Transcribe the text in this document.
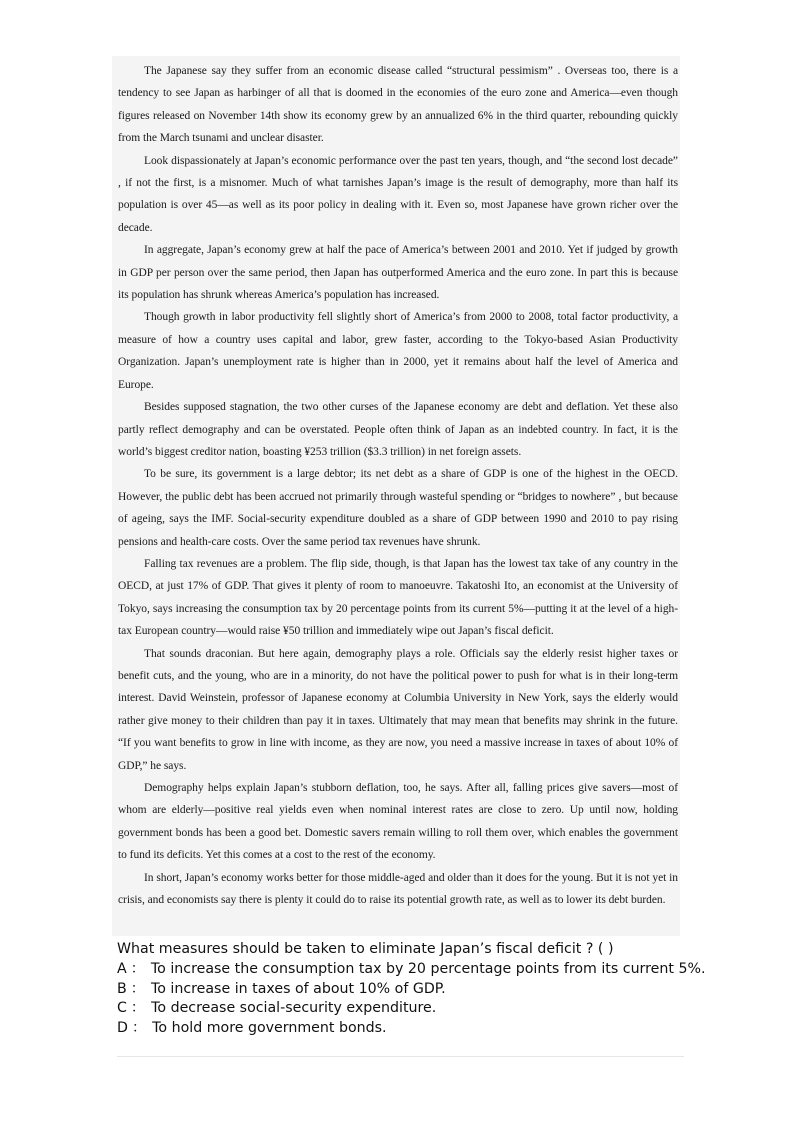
The Japanese say they suffer from an economic disease called “structural pessimism” . Overseas too, there is a tendency to see Japan as harbinger of all that is doomed in the economies of the euro zone and America—even though figures released on November 14th show its economy grew by an annualized 6% in the third quarter, rebounding quickly from the March tsunami and unclear disaster.

Look dispassionately at Japan’s economic performance over the past ten years, though, and “the second lost decade” , if not the first, is a misnomer. Much of what tarnishes Japan’s image is the result of demography, more than half its population is over 45—as well as its poor policy in dealing with it. Even so, most Japanese have grown richer over the decade.

In aggregate, Japan’s economy grew at half the pace of America’s between 2001 and 2010. Yet if judged by growth in GDP per person over the same period, then Japan has outperformed America and the euro zone. In part this is because its population has shrunk whereas America’s population has increased.

Though growth in labor productivity fell slightly short of America’s from 2000 to 2008, total factor productivity, a measure of how a country uses capital and labor, grew faster, according to the Tokyo-based Asian Productivity Organization. Japan’s unemployment rate is higher than in 2000, yet it remains about half the level of America and Europe.

Besides supposed stagnation, the two other curses of the Japanese economy are debt and deflation. Yet these also partly reflect demography and can be overstated. People often think of Japan as an indebted country. In fact, it is the world’s biggest creditor nation, boasting ¥253 trillion ($3.3 trillion) in net foreign assets.

To be sure, its government is a large debtor; its net debt as a share of GDP is one of the highest in the OECD. However, the public debt has been accrued not primarily through wasteful spending or “bridges to nowhere” , but because of ageing, says the IMF. Social-security expenditure doubled as a share of GDP between 1990 and 2010 to pay rising pensions and health-care costs. Over the same period tax revenues have shrunk.

Falling tax revenues are a problem. The flip side, though, is that Japan has the lowest tax take of any country in the OECD, at just 17% of GDP. That gives it plenty of room to manoeuvre. Takatoshi Ito, an economist at the University of Tokyo, says increasing the consumption tax by 20 percentage points from its current 5%—putting it at the level of a high-tax European country—would raise ¥50 trillion and immediately wipe out Japan’s fiscal deficit.

That sounds draconian. But here again, demography plays a role. Officials say the elderly resist higher taxes or benefit cuts, and the young, who are in a minority, do not have the political power to push for what is in their long-term interest. David Weinstein, professor of Japanese economy at Columbia University in New York, says the elderly would rather give money to their children than pay it in taxes. Ultimately that may mean that benefits may shrink in the future. “If you want benefits to grow in line with income, as they are now, you need a massive increase in taxes of about 10% of GDP,” he says.

Demography helps explain Japan’s stubborn deflation, too, he says. After all, falling prices give savers—most of whom are elderly—positive real yields even when nominal interest rates are close to zero. Up until now, holding government bonds has been a good bet. Domestic savers remain willing to roll them over, which enables the government to fund its deficits. Yet this comes at a cost to the rest of the economy.

In short, Japan’s economy works better for those middle-aged and older than it does for the young. But it is not yet in crisis, and economists say there is plenty it could do to raise its potential growth rate, as well as to lower its debt burden.

What measures should be taken to eliminate Japan’s fiscal deficit ? ( )

A ： To increase the consumption tax by 20 percentage points from its current 5%.

B ： To increase in taxes of about 10% of GDP.

C ： To decrease social-security expenditure.

D ： To hold more government bonds.
